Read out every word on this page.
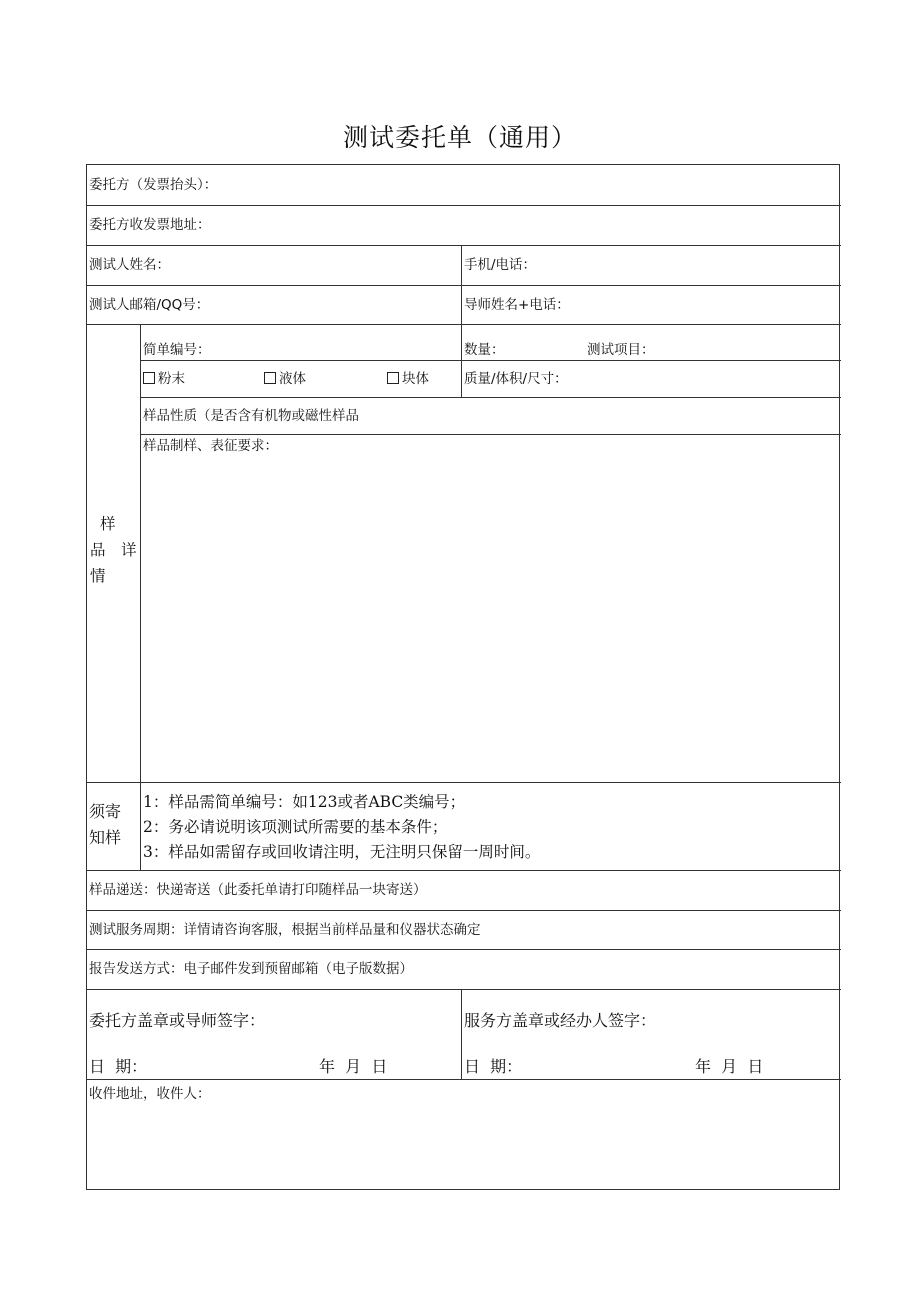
测试委托单（通用）
委托方（发票抬头）：
委托方收发票地址：
测试人姓名：	手机/电话：
测试人邮箱/QQ号：	导师姓名+电话：
样
品　详
情
简单编号：	数量：	测试项目：
粉末	液体	块体	质量/体积/尺寸：
样品性质（是否含有机物或磁性样品
样品制样、表征要求：
须寄
知样
1：样品需简单编号：如123或者ABC类编号；
2：务必请说明该项测试所需要的基本条件；
3：样品如需留存或回收请注明，无注明只保留一周时间。
样品递送：快递寄送（此委托单请打印随样品一块寄送）
测试服务周期：详情请咨询客服，根据当前样品量和仪器状态确定
报告发送方式：电子邮件发到预留邮箱（电子版数据）
委托方盖章或导师签字：	服务方盖章或经办人签字：
日  期：	年  月  日	日  期：	年  月  日
收件地址，收件人：
